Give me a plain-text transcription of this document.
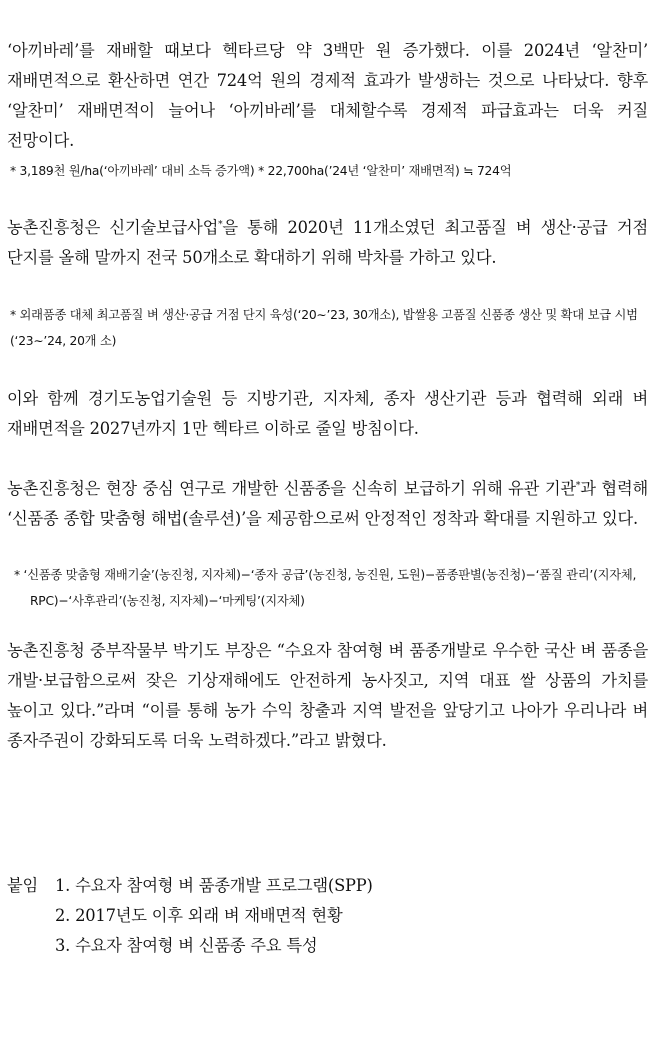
‘아끼바레’를 재배할 때보다 헥타르당 약 3백만 원 증가했다. 이를 2024년 ‘알찬미’ 재배면적으로 환산하면 연간 724억 원의 경제적 효과가 발생하는 것으로 나타났다. 향후 ‘알찬미’ 재배면적이 늘어나 ‘아끼바레’를 대체할수록 경제적 파급효과는 더욱 커질 전망이다.

* 3,189천 원/ha(‘아끼바레’ 대비 소득 증가액) * 22,700ha(’24년 ‘알찬미’ 재배면적) ≒ 724억

농촌진흥청은 신기술보급사업*을 통해 2020년 11개소였던 최고품질 벼 생산·공급 거점 단지를 올해 말까지 전국 50개소로 확대하기 위해 박차를 가하고 있다.

* 외래품종 대체 최고품질 벼 생산·공급 거점 단지 육성(‘20∼’23, 30개소), 밥쌀용 고품질 신품종 생산 및 확대 보급 시범(‘23∼’24, 20개 소)

이와 함께 경기도농업기술원 등 지방기관, 지자체, 종자 생산기관 등과 협력해 외래 벼 재배면적을 2027년까지 1만 헥타르 이하로 줄일 방침이다.

농촌진흥청은 현장 중심 연구로 개발한 신품종을 신속히 보급하기 위해 유관 기관*과 협력해 ‘신품종 종합 맞춤형 해법(솔루션)’을 제공함으로써 안정적인 정착과 확대를 지원하고 있다.

* ‘신품종 맞춤형 재배기술’(농진청, 지자체)−‘종자 공급’(농진청, 농진원, 도원)−품종판별(농진청)−‘품질 관리’(지자체, RPC)−‘사후관리’(농진청, 지자체)−‘마케팅’(지자체)

농촌진흥청 중부작물부 박기도 부장은 “수요자 참여형 벼 품종개발로 우수한 국산 벼 품종을 개발·보급함으로써 잦은 기상재해에도 안전하게 농사짓고, 지역 대표 쌀 상품의 가치를 높이고 있다.”라며 “이를 통해 농가 수익 창출과 지역 발전을 앞당기고 나아가 우리나라 벼 종자주권이 강화되도록 더욱 노력하겠다.”라고 밝혔다.

붙임	1. 수요자 참여형 벼 품종개발 프로그램(SPP)
2. 2017년도 이후 외래 벼 재배면적 현황
3. 수요자 참여형 벼 신품종 주요 특성
